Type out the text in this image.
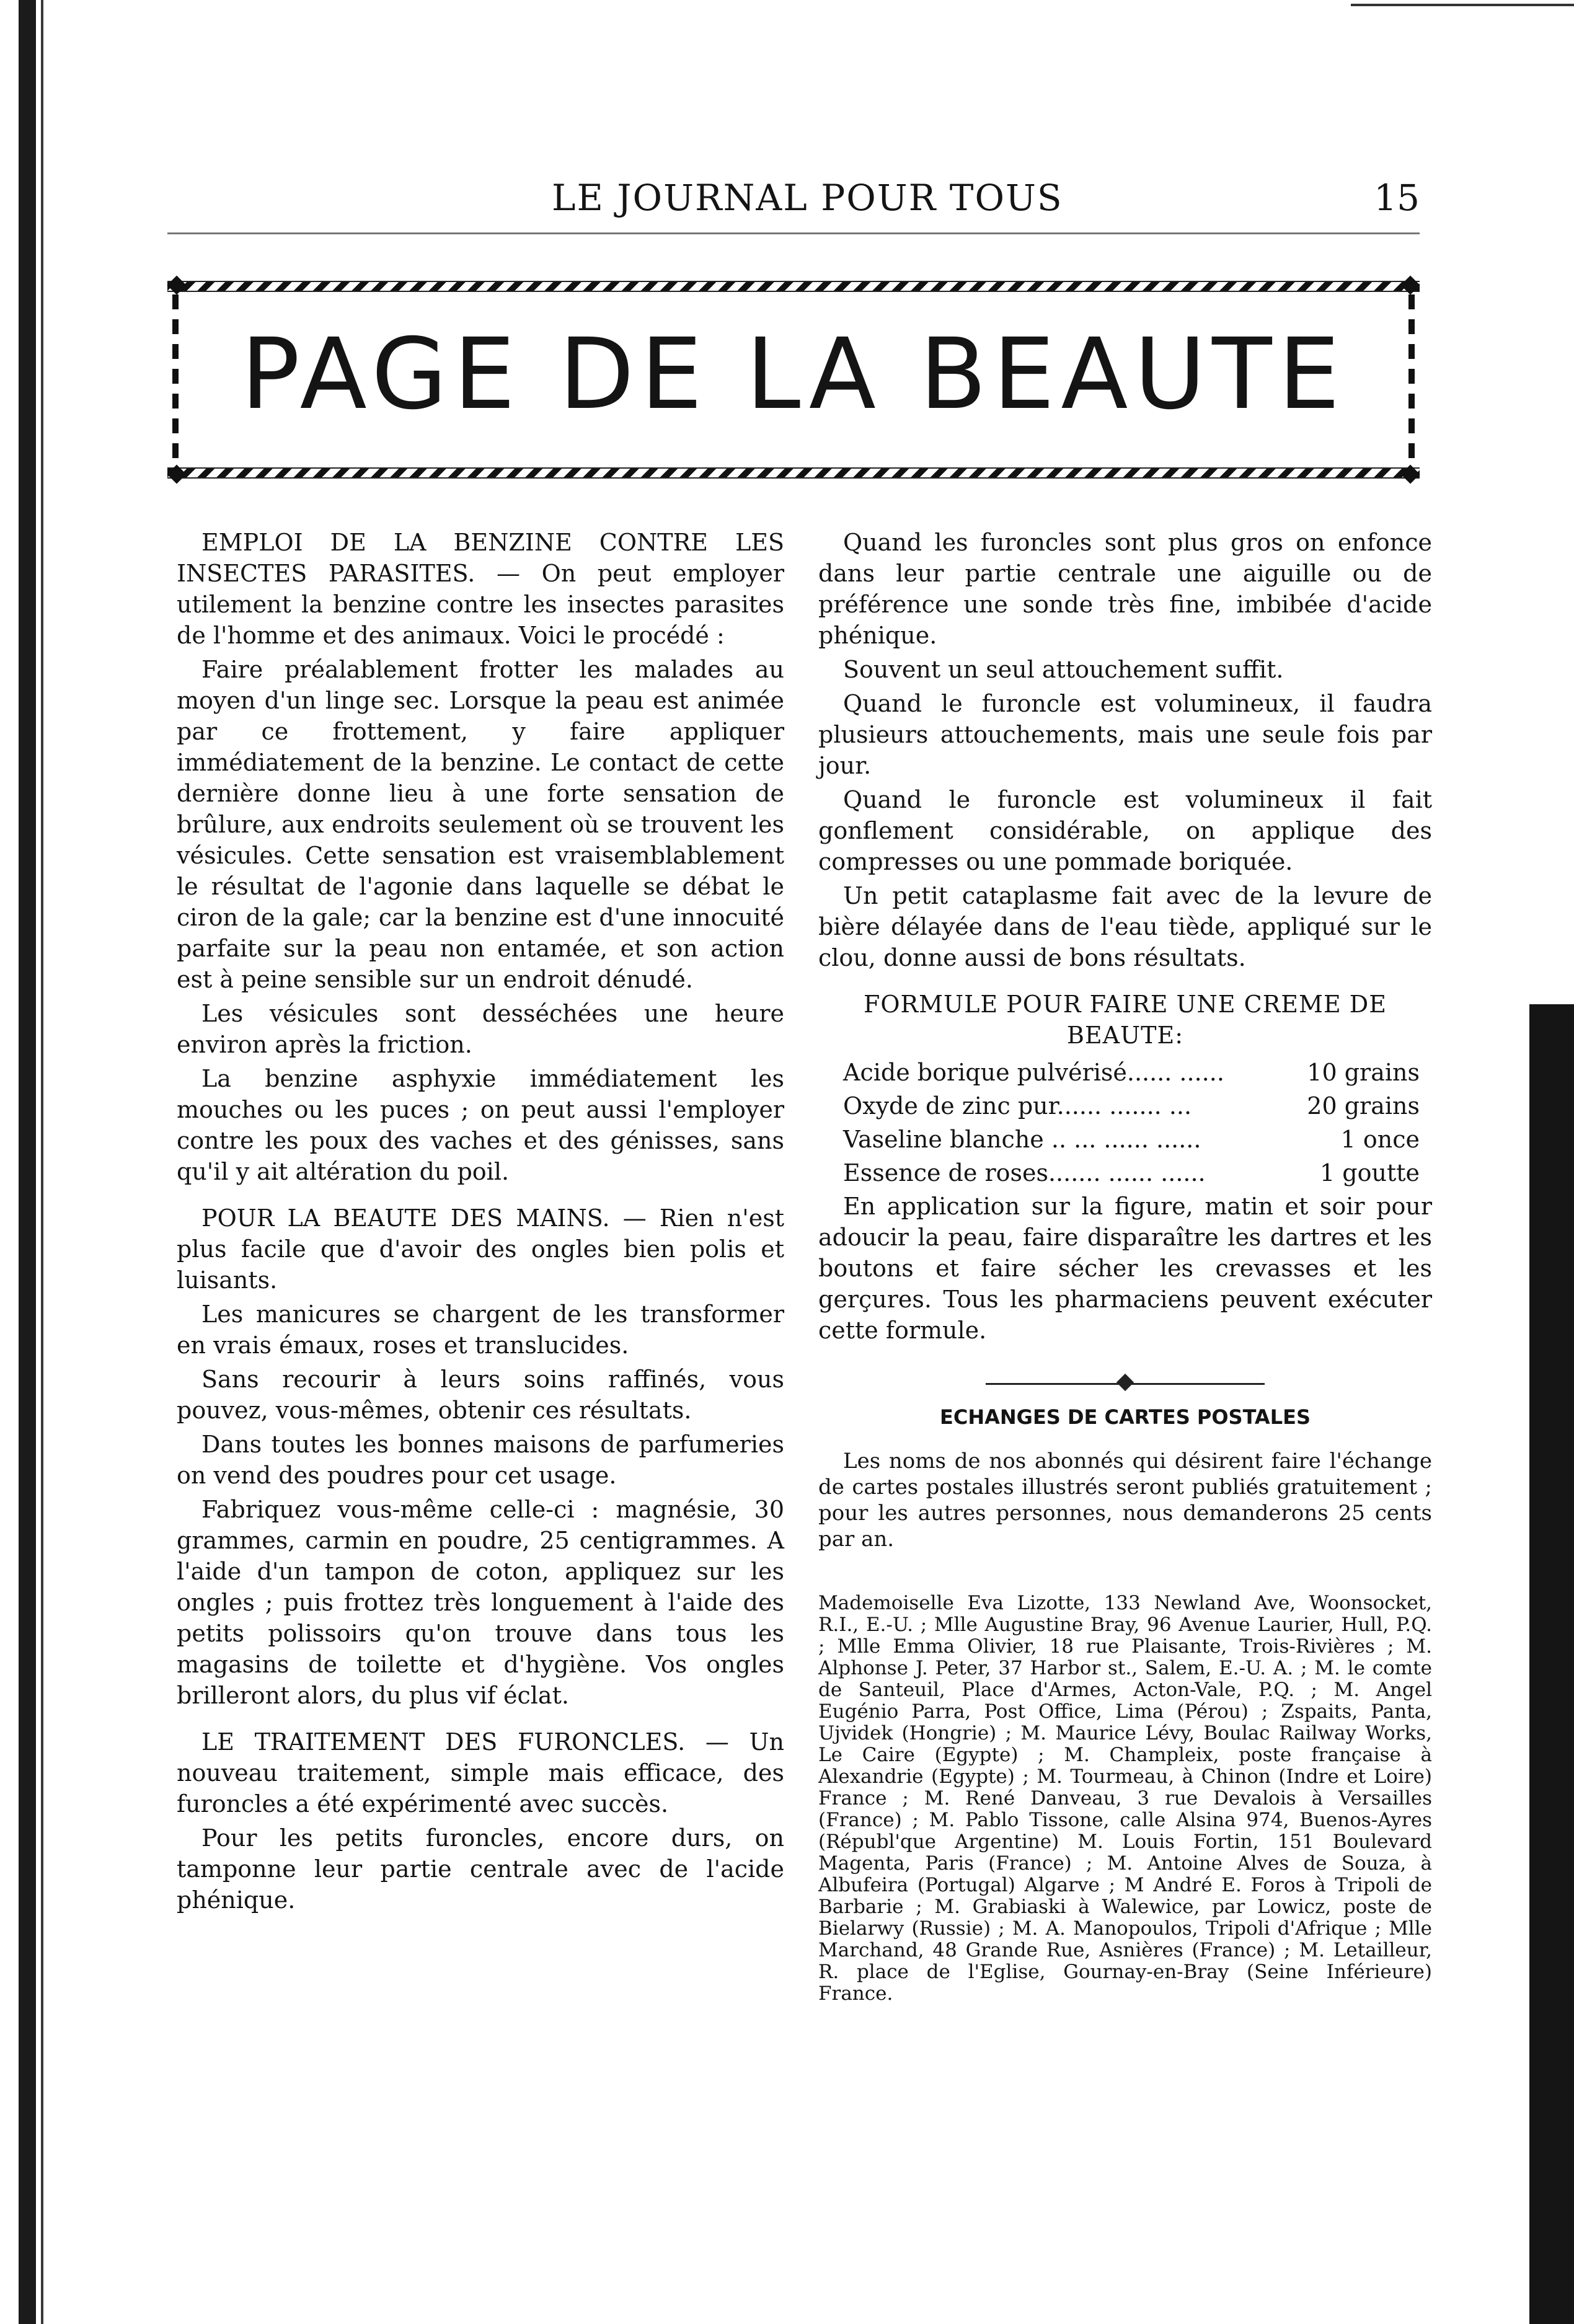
LE JOURNAL POUR TOUS	15
PAGE DE LA BEAUTE

EMPLOI DE LA BENZINE CONTRE LES INSECTES PARASITES. — On peut employer utilement la benzine contre les insectes parasites de l'homme et des animaux. Voici le procédé :

Faire préalablement frotter les malades au moyen d'un linge sec. Lorsque la peau est animée par ce frottement, y faire appliquer immédiatement de la benzine. Le contact de cette dernière donne lieu à une forte sensation de brûlure, aux endroits seulement où se trouvent les vésicules. Cette sensation est vraisemblablement le résultat de l'agonie dans laquelle se débat le ciron de la gale; car la benzine est d'une innocuité parfaite sur la peau non entamée, et son action est à peine sensible sur un endroit dénudé.

Les vésicules sont desséchées une heure environ après la friction.

La benzine asphyxie immédiatement les mouches ou les puces ; on peut aussi l'employer contre les poux des vaches et des génisses, sans qu'il y ait altération du poil.

POUR LA BEAUTE DES MAINS. — Rien n'est plus facile que d'avoir des ongles bien polis et luisants.

Les manicures se chargent de les transformer en vrais émaux, roses et translucides.

Sans recourir à leurs soins raffinés, vous pouvez, vous-mêmes, obtenir ces résultats.

Dans toutes les bonnes maisons de parfumeries on vend des poudres pour cet usage.

Fabriquez vous-même celle-ci : magnésie, 30 grammes, carmin en poudre, 25 centigrammes. A l'aide d'un tampon de coton, appliquez sur les ongles ; puis frottez très longuement à l'aide des petits polissoirs qu'on trouve dans tous les magasins de toilette et d'hygiène. Vos ongles brilleront alors, du plus vif éclat.

LE TRAITEMENT DES FURONCLES. — Un nouveau traitement, simple mais efficace, des furoncles a été expérimenté avec succès.

Pour les petits furoncles, encore durs, on tamponne leur partie centrale avec de l'acide phénique.

Quand les furoncles sont plus gros on enfonce dans leur partie centrale une aiguille ou de préférence une sonde très fine, imbibée d'acide phénique.

Souvent un seul attouchement suffit.

Quand le furoncle est volumineux, il faudra plusieurs attouchements, mais une seule fois par jour.

Quand le furoncle est volumineux il fait gonflement considérable, on applique des compresses ou une pommade boriquée.

Un petit cataplasme fait avec de la levure de bière délayée dans de l'eau tiède, appliqué sur le clou, donne aussi de bons résultats.

FORMULE POUR FAIRE UNE CREME DE BEAUTE:
Acide borique pulvérisé...... ......	10 grains
Oxyde de zinc pur...... ....... ...	20 grains
Vaseline blanche .. ... ...... ......	1 once
Essence de roses....... ...... ......	1 goutte

En application sur la figure, matin et soir pour adoucir la peau, faire disparaître les dartres et les boutons et faire sécher les crevasses et les gerçures. Tous les pharmaciens peuvent exécuter cette formule.

ECHANGES DE CARTES POSTALES

Les noms de nos abonnés qui désirent faire l'échange de cartes postales illustrés seront publiés gratuitement ; pour les autres personnes, nous demanderons 25 cents par an.

Mademoiselle Eva Lizotte, 133 Newland Ave, Woonsocket, R.I., E.-U. ; Mlle Augustine Bray, 96 Avenue Laurier, Hull, P.Q. ; Mlle Emma Olivier, 18 rue Plaisante, Trois-Rivières ; M. Alphonse J. Peter, 37 Harbor st., Salem, E.-U. A. ; M. le comte de Santeuil, Place d'Armes, Acton-Vale, P.Q. ; M. Angel Eugénio Parra, Post Office, Lima (Pérou) ; Zspaits, Panta, Ujvidek (Hongrie) ; M. Maurice Lévy, Boulac Railway Works, Le Caire (Egypte) ; M. Champleix, poste française à Alexandrie (Egypte) ; M. Tourmeau, à Chinon (Indre et Loire) France ; M. René Danveau, 3 rue Devalois à Versailles (France) ; M. Pablo Tissone, calle Alsina 974, Buenos-Ayres (Républ'que Argentine) M. Louis Fortin, 151 Boulevard Magenta, Paris (France) ; M. Antoine Alves de Souza, à Albufeira (Portugal) Algarve ; M André E. Foros à Tripoli de Barbarie ; M. Grabiaski à Walewice, par Lowicz, poste de Bielarwy (Russie) ; M. A. Manopoulos, Tripoli d'Afrique ; Mlle Marchand, 48 Grande Rue, Asnières (France) ; M. Letailleur, R. place de l'Eglise, Gournay-en-Bray (Seine Inférieure) France.
